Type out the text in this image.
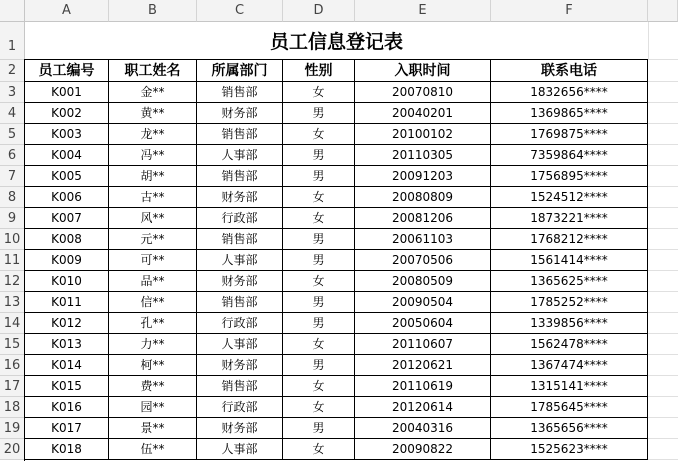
A	B	C	D	E	F
1
2
3
4
5
6
7
8
9
10
11
12
13
14
15
16
17
18
19
20
员工信息登记表
员工编号	职工姓名	所属部门	性别	入职时间	联系电话
K001	金**	销售部	女	20070810	1832656****
K002	黄**	财务部	男	20040201	1369865****
K003	龙**	销售部	女	20100102	1769875****
K004	冯**	人事部	男	20110305	7359864****
K005	胡**	销售部	男	20091203	1756895****
K006	古**	财务部	女	20080809	1524512****
K007	风**	行政部	女	20081206	1873221****
K008	元**	销售部	男	20061103	1768212****
K009	可**	人事部	男	20070506	1561414****
K010	品**	财务部	女	20080509	1365625****
K011	信**	销售部	男	20090504	1785252****
K012	孔**	行政部	男	20050604	1339856****
K013	力**	人事部	女	20110607	1562478****
K014	柯**	财务部	男	20120621	1367474****
K015	费**	销售部	女	20110619	1315141****
K016	园**	行政部	女	20120614	1785645****
K017	景**	财务部	男	20040316	1365656****
K018	伍**	人事部	女	20090822	1525623****
